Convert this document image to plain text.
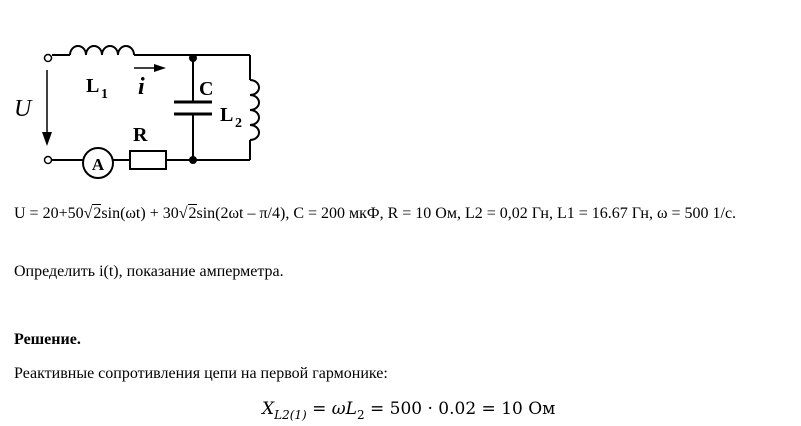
A
U
L 1 i	C
L 2
R
U = 20+50√2sin(ωt) + 30√2sin(2ωt – π/4), C = 200 мкФ, R = 10 Ом, L2 = 0,02 Гн, L1 = 16.67 Гн, ω = 500 1/с.
Определить i(t), показание амперметра.
Решение.
Реактивные сопротивления цепи на первой гармонике:
$X_{L2(1)} = \omega L_2 = 500 \cdot 0.02 = 10$ Ом
